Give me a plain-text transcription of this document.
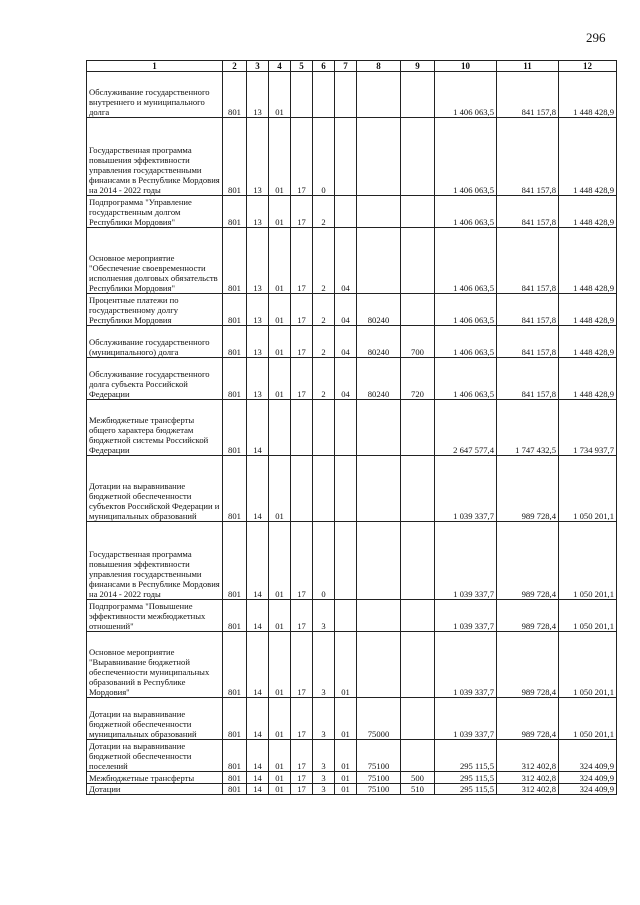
296
1	2	3	4	5	6	7	8	9	10	11	12
Обслуживание государственного внутреннего и муниципального долга	801	13	01						1 406 063,5	841 157,8	1 448 428,9
Государственная программа повышения эффективности управления государственными финансами в Республике Мордовия на 2014 - 2022 годы	801	13	01	17	0				1 406 063,5	841 157,8	1 448 428,9
Подпрограмма "Управление государственным долгом Республики Мордовия"	801	13	01	17	2				1 406 063,5	841 157,8	1 448 428,9
Основное мероприятие "Обеспечение своевременности исполнения долговых обязательств Республики Мордовия"	801	13	01	17	2	04			1 406 063,5	841 157,8	1 448 428,9
Процентные платежи по государственному долгу Республики Мордовия	801	13	01	17	2	04	80240		1 406 063,5	841 157,8	1 448 428,9
Обслуживание государственного (муниципального) долга	801	13	01	17	2	04	80240	700	1 406 063,5	841 157,8	1 448 428,9
Обслуживание государственного долга субъекта Российской Федерации	801	13	01	17	2	04	80240	720	1 406 063,5	841 157,8	1 448 428,9
Межбюджетные трансферты общего характера бюджетам бюджетной системы Российской Федерации	801	14							2 647 577,4	1 747 432,5	1 734 937,7
Дотации на выравнивание бюджетной обеспеченности субъектов Российской Федерации и муниципальных образований	801	14	01						1 039 337,7	989 728,4	1 050 201,1
Государственная программа повышения эффективности управления государственными финансами в Республике Мордовия на 2014 - 2022 годы	801	14	01	17	0				1 039 337,7	989 728,4	1 050 201,1
Подпрограмма "Повышение эффективности межбюджетных отношений"	801	14	01	17	3				1 039 337,7	989 728,4	1 050 201,1
Основное мероприятие "Выравнивание бюджетной обеспеченности муниципальных образований в Республике Мордовия"	801	14	01	17	3	01			1 039 337,7	989 728,4	1 050 201,1
Дотации на выравнивание бюджетной обеспеченности муниципальных образований	801	14	01	17	3	01	75000		1 039 337,7	989 728,4	1 050 201,1
Дотации на выравнивание бюджетной обеспеченности поселений	801	14	01	17	3	01	75100		295 115,5	312 402,8	324 409,9
Межбюджетные трансферты	801	14	01	17	3	01	75100	500	295 115,5	312 402,8	324 409,9
Дотации	801	14	01	17	3	01	75100	510	295 115,5	312 402,8	324 409,9
